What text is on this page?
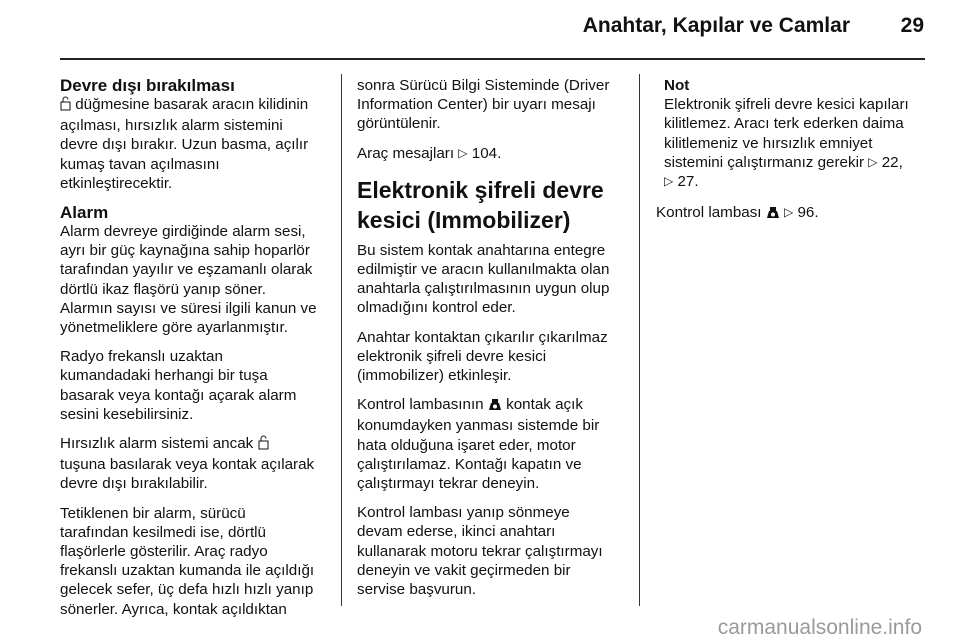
Anahtar, Kapılar ve Camlar	29
Devre dışı bırakılması

düğmesine basarak aracın kilidinin
açılması, hırsızlık alarm sistemini
devre dışı bırakır. Uzun basma, açılır
kumaş tavan açılmasını
etkinleştirecektir.

Alarm

Alarm devreye girdiğinde alarm sesi,
ayrı bir güç kaynağına sahip hoparlör
tarafından yayılır ve eşzamanlı olarak
dörtlü ikaz flaşörü yanıp söner.
Alarmın sayısı ve süresi ilgili kanun ve
yönetmeliklere göre ayarlanmıştır.

Radyo frekanslı uzaktan
kumandadaki herhangi bir tuşa
basarak veya kontağı açarak alarm
sesini kesebilirsiniz.

Hırsızlık alarm sistemi ancak
tuşuna basılarak veya kontak açılarak
devre dışı bırakılabilir.

Tetiklenen bir alarm, sürücü
tarafından kesilmedi ise, dörtlü
flaşörlerle gösterilir. Araç radyo
frekanslı uzaktan kumanda ile açıldığı
gelecek sefer, üç defa hızlı hızlı yanıp
sönerler. Ayrıca, kontak açıldıktan

sonra Sürücü Bilgi Sisteminde (Driver
Information Center) bir uyarı mesajı
görüntülenir.

Araç mesajları ▷ 104.

Elektronik şifreli devre
kesici (Immobilizer)

Bu sistem kontak anahtarına entegre
edilmiştir ve aracın kullanılmakta olan
anahtarla çalıştırılmasının uygun olup
olmadığını kontrol eder.

Anahtar kontaktan çıkarılır çıkarılmaz
elektronik şifreli devre kesici
(immobilizer) etkinleşir.

Kontrol lambasının kontak açık
konumdayken yanması sistemde bir
hata olduğuna işaret eder, motor
çalıştırılamaz. Kontağı kapatın ve
çalıştırmayı tekrar deneyin.

Kontrol lambası yanıp sönmeye
devam ederse, ikinci anahtarı
kullanarak motoru tekrar çalıştırmayı
deneyin ve vakit geçirmeden bir
servise başvurun.

Not
Elektronik şifreli devre kesici kapıları
kilitlemez. Aracı terk ederken daima
kilitlemeniz ve hırsızlık emniyet
sistemini çalıştırmanız gerekir ▷ 22,
▷ 27.

Kontrol lambası ▷ 96.

carmanualsonline.info
